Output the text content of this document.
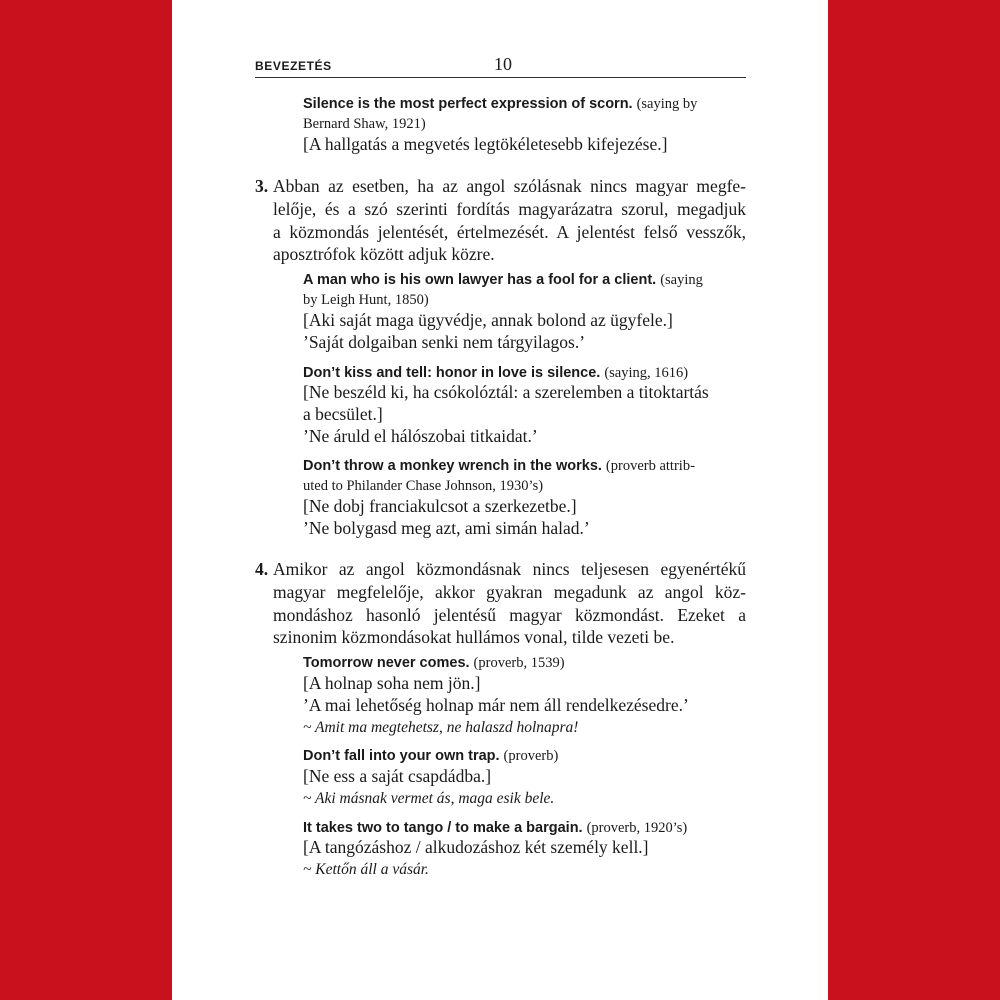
BEVEZETÉS	10
Silence is the most perfect expression of scorn. (saying by
Bernard Shaw, 1921)
[A hallgatás a megvetés legtökéletesebb kifejezése.]
3. Abban az esetben, ha az angol szólásnak nincs magyar megfe-
lelője, és a szó szerinti fordítás magyarázatra szorul, megadjuk
a közmondás jelentését, értelmezését. A jelentést felső vesszők,
aposztrófok között adjuk közre.
A man who is his own lawyer has a fool for a client. (saying
by Leigh Hunt, 1850)
[Aki saját maga ügyvédje, annak bolond az ügyfele.]
’Saját dolgaiban senki nem tárgyilagos.’
Don’t kiss and tell: honor in love is silence. (saying, 1616)
[Ne beszéld ki, ha csókolóztál: a szerelemben a titoktartás
a becsület.]
’Ne áruld el hálószobai titkaidat.’
Don’t throw a monkey wrench in the works. (proverb attrib-
uted to Philander Chase Johnson, 1930’s)
[Ne dobj franciakulcsot a szerkezetbe.]
’Ne bolygasd meg azt, ami simán halad.’
4. Amikor az angol közmondásnak nincs teljesesen egyenértékű
magyar megfelelője, akkor gyakran megadunk az angol köz-
mondáshoz hasonló jelentésű magyar közmondást. Ezeket a
szinonim közmondásokat hullámos vonal, tilde vezeti be.
Tomorrow never comes. (proverb, 1539)
[A holnap soha nem jön.]
’A mai lehetőség holnap már nem áll rendelkezésedre.’
~ Amit ma megtehetsz, ne halaszd holnapra!
Don’t fall into your own trap. (proverb)
[Ne ess a saját csapdádba.]
~ Aki másnak vermet ás, maga esik bele.
It takes two to tango / to make a bargain. (proverb, 1920’s)
[A tangózáshoz / alkudozáshoz két személy kell.]
~ Kettőn áll a vásár.
